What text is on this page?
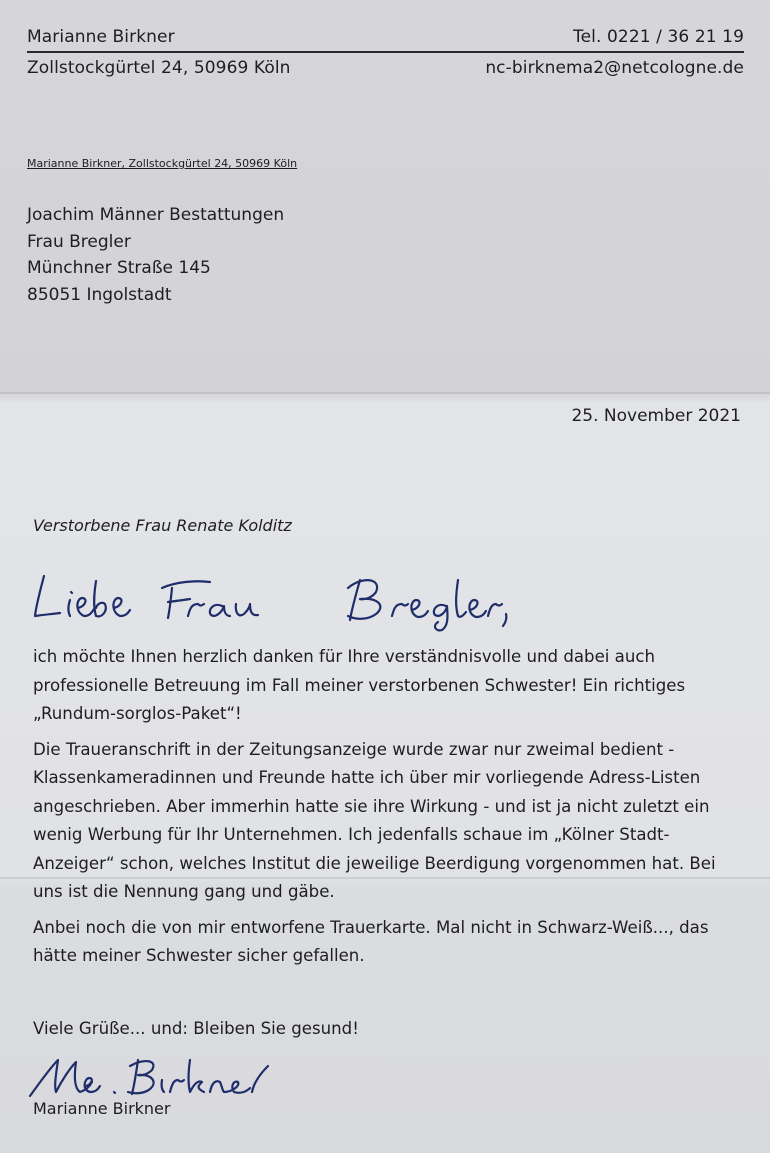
Marianne Birkner	Tel. 0221 / 36 21 19
Zollstockgürtel 24, 50969 Köln	nc-birknema2@netcologne.de
Marianne Birkner, Zollstockgürtel 24, 50969 Köln
Joachim Männer Bestattungen
Frau Bregler
Münchner Straße 145
85051 Ingolstadt
25. November 2021
Verstorbene Frau Renate Kolditz

ich möchte Ihnen herzlich danken für Ihre verständnisvolle und dabei auch professionelle Betreuung im Fall meiner verstorbenen Schwester! Ein richtiges „Rundum-sorglos-Paket“!

Die Traueranschrift in der Zeitungsanzeige wurde zwar nur zweimal bedient - Klassenkameradinnen und Freunde hatte ich über mir vorliegende Adress-Listen angeschrieben. Aber immerhin hatte sie ihre Wirkung - und ist ja nicht zuletzt ein wenig Werbung für Ihr Unternehmen. Ich jedenfalls schaue im „Kölner Stadt-Anzeiger“ schon, welches Institut die jeweilige Beerdigung vorgenommen hat. Bei uns ist die Nennung gang und gäbe.

Anbei noch die von mir entworfene Trauerkarte. Mal nicht in Schwarz-Weiß..., das hätte meiner Schwester sicher gefallen.

Viele Grüße... und: Bleiben Sie gesund!
Marianne Birkner
